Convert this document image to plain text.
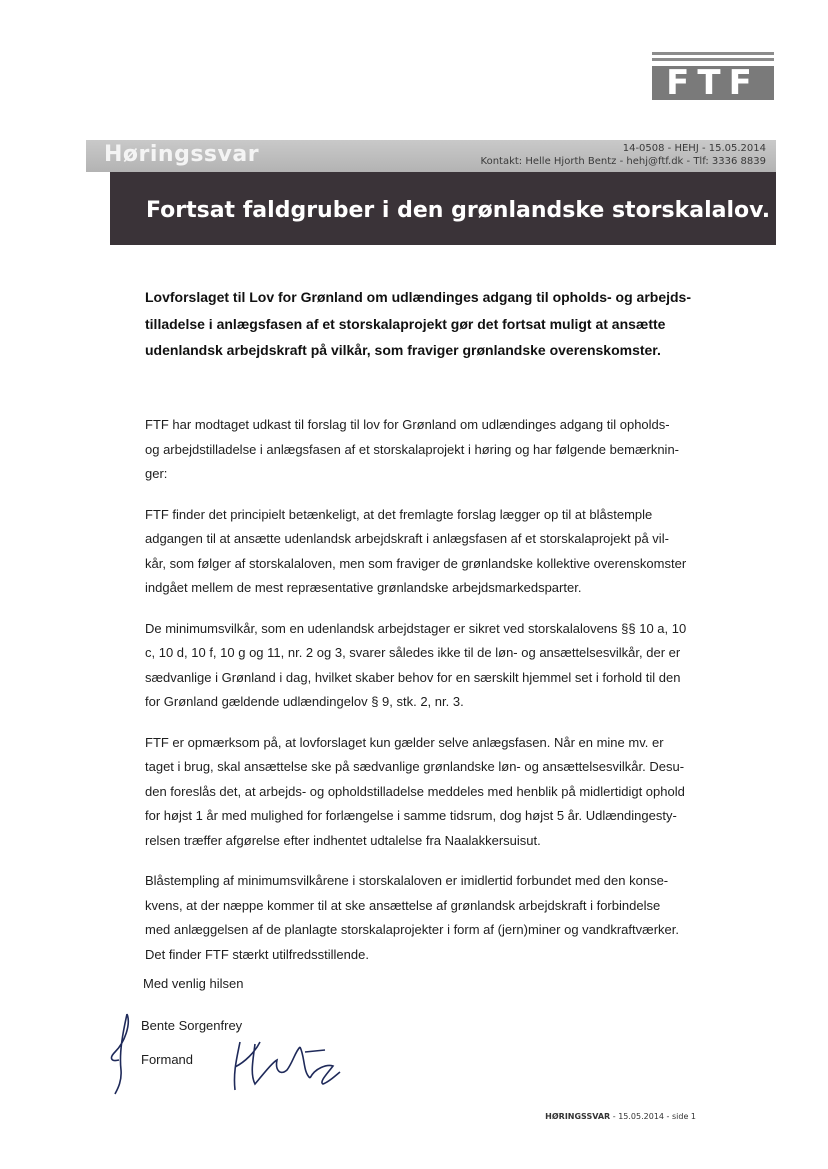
FTF
Høringssvar	14-0508 - HEHJ - 15.05.2014
Kontakt: Helle Hjorth Bentz - hehj@ftf.dk - Tlf: 3336 8839
Fortsat faldgruber i den grønlandske storskalalov.
Lovforslaget til Lov for Grønland om udlændinges adgang til opholds- og arbejds-
tilladelse i anlægsfasen af et storskalaprojekt gør det fortsat muligt at ansætte
udenlandsk arbejdskraft på vilkår, som fraviger grønlandske overenskomster.

FTF har modtaget udkast til forslag til lov for Grønland om udlændinges adgang til opholds-
og arbejdstilladelse i anlægsfasen af et storskalaprojekt i høring og har følgende bemærknin-
ger:

FTF finder det principielt betænkeligt, at det fremlagte forslag lægger op til at blåstemple
adgangen til at ansætte udenlandsk arbejdskraft i anlægsfasen af et storskalaprojekt på vil-
kår, som følger af storskalaloven, men som fraviger de grønlandske kollektive overenskomster
indgået mellem de mest repræsentative grønlandske arbejdsmarkedsparter.

De minimumsvilkår, som en udenlandsk arbejdstager er sikret ved storskalalovens §§ 10 a, 10
c, 10 d, 10 f, 10 g og 11, nr. 2 og 3, svarer således ikke til de løn- og ansættelsesvilkår, der er
sædvanlige i Grønland i dag, hvilket skaber behov for en særskilt hjemmel set i forhold til den
for Grønland gældende udlændingelov § 9, stk. 2, nr. 3.

FTF er opmærksom på, at lovforslaget kun gælder selve anlægsfasen. Når en mine mv. er
taget i brug, skal ansættelse ske på sædvanlige grønlandske løn- og ansættelsesvilkår. Desu-
den foreslås det, at arbejds- og opholdstilladelse meddeles med henblik på midlertidigt ophold
for højst 1 år med mulighed for forlængelse i samme tidsrum, dog højst 5 år. Udlændingesty-
relsen træffer afgørelse efter indhentet udtalelse fra Naalakkersuisut.

Blåstempling af minimumsvilkårene i storskalaloven er imidlertid forbundet med den konse-
kvens, at der næppe kommer til at ske ansættelse af grønlandsk arbejdskraft i forbindelse
med anlæggelsen af de planlagte storskalaprojekter i form af (jern)miner og vandkraftværker.
Det finder FTF stærkt utilfredsstillende.

Med venlig hilsen
Bente Sorgenfrey
Formand
HØRINGSSVAR - 15.05.2014 - side 1
